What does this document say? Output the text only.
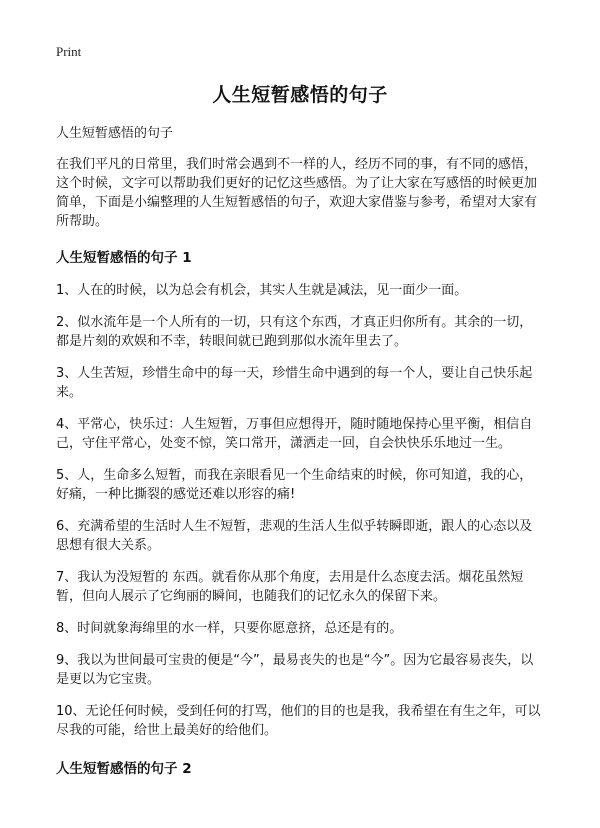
Print
人生短暂感悟的句子

人生短暂感悟的句子

在我们平凡的日常里，我们时常会遇到不一样的人，经历不同的事，有不同的感悟，这个时候，文字可以帮助我们更好的记忆这些感悟。为了让大家在写感悟的时候更加简单，下面是小编整理的人生短暂感悟的句子，欢迎大家借鉴与参考，希望对大家有所帮助。

人生短暂感悟的句子 1
1、人在的时候，以为总会有机会，其实人生就是减法，见一面少一面。
2、似水流年是一个人所有的一切，只有这个东西，才真正归你所有。其余的一切，都是片刻的欢娱和不幸，转眼间就已跑到那似水流年里去了。
3、人生苦短，珍惜生命中的每一天，珍惜生命中遇到的每一个人，要让自己快乐起来。
4、平常心，快乐过：人生短暂，万事但应想得开，随时随地保持心里平衡，相信自己，守住平常心，处变不惊，笑口常开，潇洒走一回，自会快快乐乐地过一生。
5、人，生命多么短暂，而我在亲眼看见一个生命结束的时候，你可知道，我的心，好痛，一种比撕裂的感觉还难以形容的痛!
6、充满希望的生活时人生不短暂，悲观的生活人生似乎转瞬即逝，跟人的心态以及思想有很大关系。
7、我认为没短暂的 东西。就看你从那个角度，去用是什么态度去活。烟花虽然短暂，但向人展示了它绚丽的瞬间，也随我们的记忆永久的保留下来。
8、时间就象海绵里的水一样，只要你愿意挤，总还是有的。
9、我以为世间最可宝贵的便是“今”，最易丧失的也是“今”。因为它最容易丧失，以是更以为它宝贵。
10、无论任何时候，受到任何的打骂，他们的目的也是我，我希望在有生之年，可以尽我的可能，给世上最美好的给他们。
人生短暂感悟的句子 2
